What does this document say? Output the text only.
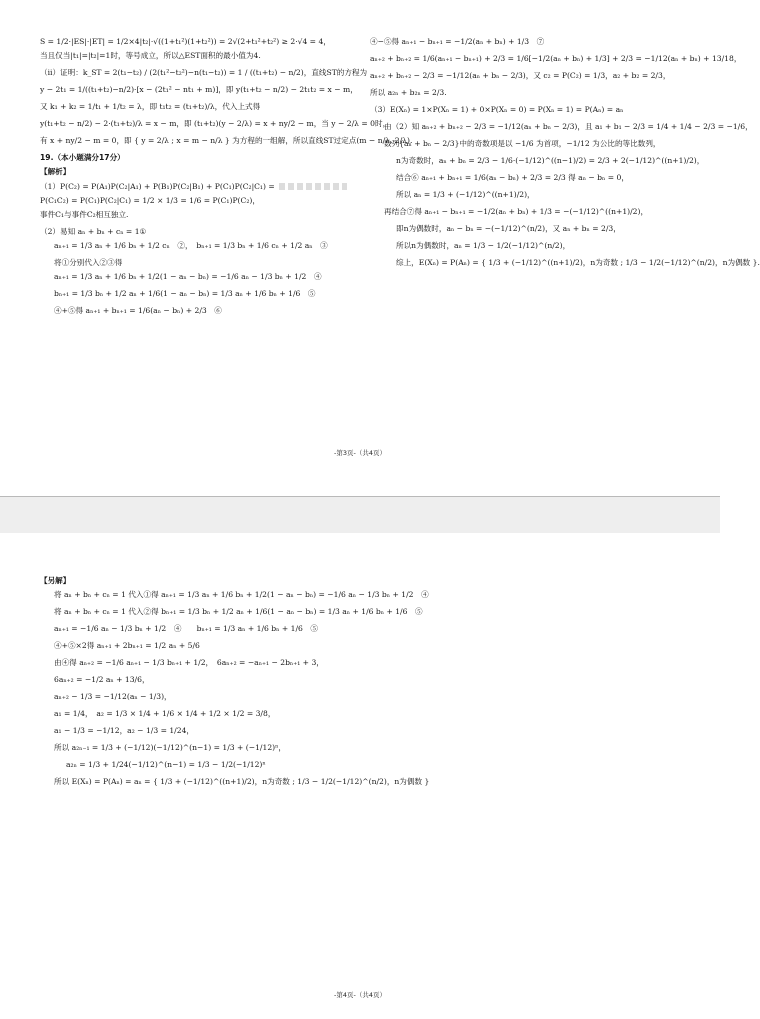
S = 1/2·|ES|·|ET| = 1/2×4|t₂|·√((1+t₁²)(1+t₂²)) = 2√(2+t₁²+t₂²) ≥ 2·√4 = 4，
当且仅当|t₁|=|t₂|=1时，等号成立，所以△EST面积的最小值为4.
（ii）证明：k_ST = 2(t₁−t₂) / (2(t₁²−t₂²)−n(t₁−t₂)) = 1 / ((t₁+t₂) − n/2)，直线ST的方程为
y − 2t₁ = 1/((t₁+t₂)−n/2)·[x − (2t₁² − nt₁ + m)]，即 y(t₁+t₂ − n/2) − 2t₁t₂ = x − m，
又 k₁ + k₂ = 1/t₁ + 1/t₂ = λ，即 t₁t₂ = (t₁+t₂)/λ，代入上式得
y(t₁+t₂ − n/2) − 2·(t₁+t₂)/λ = x − m，即 (t₁+t₂)(y − 2/λ) = x + ny/2 − m，当 y − 2/λ = 0时，
有 x + ny/2 − m = 0，即 { y = 2/λ ; x = m − n/λ } 为方程的一组解，所以直线ST过定点(m − n/λ, 2/λ).
19.（本小题满分17分）
【解析】
（1）P(C₂) = P(A₁)P(C₂|A₁) + P(B₁)P(C₂|B₁) + P(C₁)P(C₂|C₁) =
P(C₁C₂) = P(C₁)P(C₂|C₁) = 1/2 × 1/3 = 1/6 = P(C₁)P(C₂)，
事件C₁与事件C₂相互独立.
（2）易知 aₙ + bₙ + cₙ = 1①
aₙ₊₁ = 1/3 aₙ + 1/6 bₙ + 1/2 cₙ　②，　bₙ₊₁ = 1/3 bₙ + 1/6 cₙ + 1/2 aₙ　③
将①分别代入②③得
aₙ₊₁ = 1/3 aₙ + 1/6 bₙ + 1/2(1 − aₙ − bₙ) = −1/6 aₙ − 1/3 bₙ + 1/2　④
bₙ₊₁ = 1/3 bₙ + 1/2 aₙ + 1/6(1 − aₙ − bₙ) = 1/3 aₙ + 1/6 bₙ + 1/6　⑤
④+⑤得 aₙ₊₁ + bₙ₊₁ = 1/6(aₙ − bₙ) + 2/3　⑥
④−⑤得 aₙ₊₁ − bₙ₊₁ = −1/2(aₙ + bₙ) + 1/3　⑦
aₙ₊₂ + bₙ₊₂ = 1/6(aₙ₊₁ − bₙ₊₁) + 2/3 = 1/6[−1/2(aₙ + bₙ) + 1/3] + 2/3 = −1/12(aₙ + bₙ) + 13/18，
aₙ₊₂ + bₙ₊₂ − 2/3 = −1/12(aₙ + bₙ − 2/3)，又 c₂ = P(C₂) = 1/3，a₂ + b₂ = 2/3，
所以 a₂ₙ + b₂ₙ = 2/3.
（3）E(Xₙ) = 1×P(Xₙ = 1) + 0×P(Xₙ = 0) = P(Xₙ = 1) = P(Aₙ) = aₙ
由（2）知 aₙ₊₂ + bₙ₊₂ − 2/3 = −1/12(aₙ + bₙ − 2/3)，且 a₁ + b₁ − 2/3 = 1/4 + 1/4 − 2/3 = −1/6，
数列{aₙ + bₙ − 2/3}中的奇数项是以 −1/6 为首项，−1/12 为公比的等比数列，
n为奇数时，aₙ + bₙ = 2/3 − 1/6·(−1/12)^((n−1)/2) = 2/3 + 2(−1/12)^((n+1)/2)，
结合⑥ aₙ₊₁ + bₙ₊₁ = 1/6(aₙ − bₙ) + 2/3 = 2/3 得 aₙ − bₙ = 0，
所以 aₙ = 1/3 + (−1/12)^((n+1)/2)，
再结合⑦得 aₙ₊₁ − bₙ₊₁ = −1/2(aₙ + bₙ) + 1/3 = −(−1/12)^((n+1)/2)，
即n为偶数时，aₙ − bₙ = −(−1/12)^(n/2)，又 aₙ + bₙ = 2/3，
所以n为偶数时，aₙ = 1/3 − 1/2(−1/12)^(n/2)，
综上，E(Xₙ) = P(Aₙ) = { 1/3 + (−1/12)^((n+1)/2)，n为奇数 ; 1/3 − 1/2(−1/12)^(n/2)，n为偶数 }.
-第3页-（共4页）
【另解】
将 aₙ + bₙ + cₙ = 1 代入①得 aₙ₊₁ = 1/3 aₙ + 1/6 bₙ + 1/2(1 − aₙ − bₙ) = −1/6 aₙ − 1/3 bₙ + 1/2　④
将 aₙ + bₙ + cₙ = 1 代入②得 bₙ₊₁ = 1/3 bₙ + 1/2 aₙ + 1/6(1 − aₙ − bₙ) = 1/3 aₙ + 1/6 bₙ + 1/6　⑤
aₙ₊₁ = −1/6 aₙ − 1/3 bₙ + 1/2　④　　bₙ₊₁ = 1/3 aₙ + 1/6 bₙ + 1/6　⑤
④+⑤×2得 aₙ₊₁ + 2bₙ₊₁ = 1/2 aₙ + 5/6
由④得 aₙ₊₂ = −1/6 aₙ₊₁ − 1/3 bₙ₊₁ + 1/2，　6aₙ₊₂ = −aₙ₊₁ − 2bₙ₊₁ + 3，
6aₙ₊₂ = −1/2 aₙ + 13/6，
aₙ₊₂ − 1/3 = −1/12(aₙ − 1/3)，
a₁ = 1/4，　a₂ = 1/3 × 1/4 + 1/6 × 1/4 + 1/2 × 1/2 = 3/8，
a₁ − 1/3 = −1/12，a₂ − 1/3 = 1/24，
所以 a₂ₙ₋₁ = 1/3 + (−1/12)(−1/12)^(n−1) = 1/3 + (−1/12)ⁿ，
a₂ₙ = 1/3 + 1/24(−1/12)^(n−1) = 1/3 − 1/2(−1/12)ⁿ
所以 E(Xₙ) = P(Aₙ) = aₙ = { 1/3 + (−1/12)^((n+1)/2)，n为奇数 ; 1/3 − 1/2(−1/12)^(n/2)，n为偶数 }
-第4页-（共4页）
